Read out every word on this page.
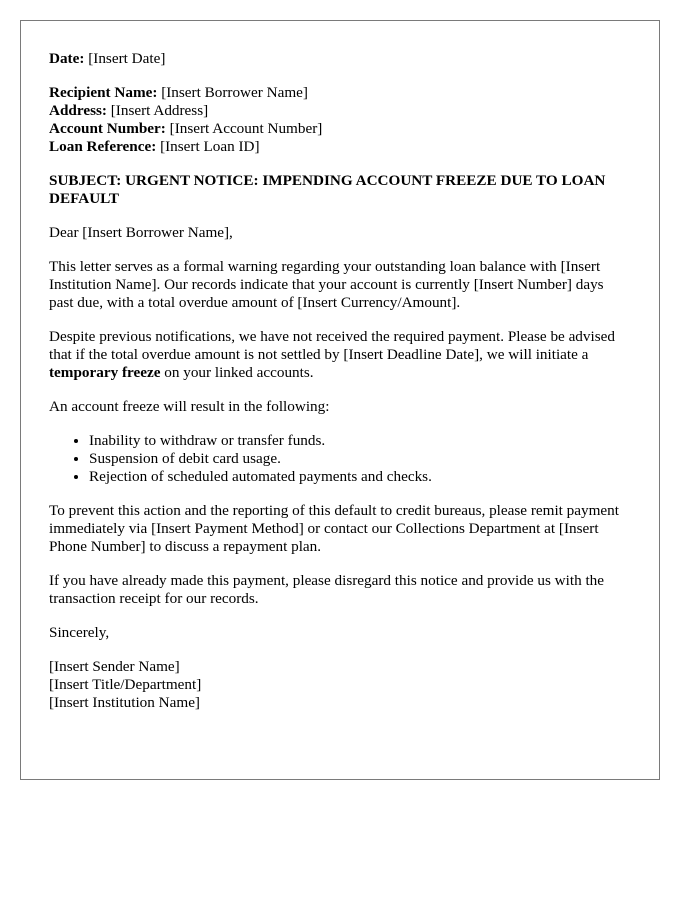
Date: [Insert Date]

Recipient Name: [Insert Borrower Name]
Address: [Insert Address]
Account Number: [Insert Account Number]
Loan Reference: [Insert Loan ID]

SUBJECT: URGENT NOTICE: IMPENDING ACCOUNT FREEZE DUE TO LOAN DEFAULT

Dear [Insert Borrower Name],

This letter serves as a formal warning regarding your outstanding loan balance with [Insert Institution Name]. Our records indicate that your account is currently [Insert Number] days past due, with a total overdue amount of [Insert Currency/Amount].

Despite previous notifications, we have not received the required payment. Please be advised that if the total overdue amount is not settled by [Insert Deadline Date], we will initiate a temporary freeze on your linked accounts.

An account freeze will result in the following:

• Inability to withdraw or transfer funds.
• Suspension of debit card usage.
• Rejection of scheduled automated payments and checks.

To prevent this action and the reporting of this default to credit bureaus, please remit payment immediately via [Insert Payment Method] or contact our Collections Department at [Insert Phone Number] to discuss a repayment plan.

If you have already made this payment, please disregard this notice and provide us with the transaction receipt for our records.

Sincerely,

[Insert Sender Name]
[Insert Title/Department]
[Insert Institution Name]
